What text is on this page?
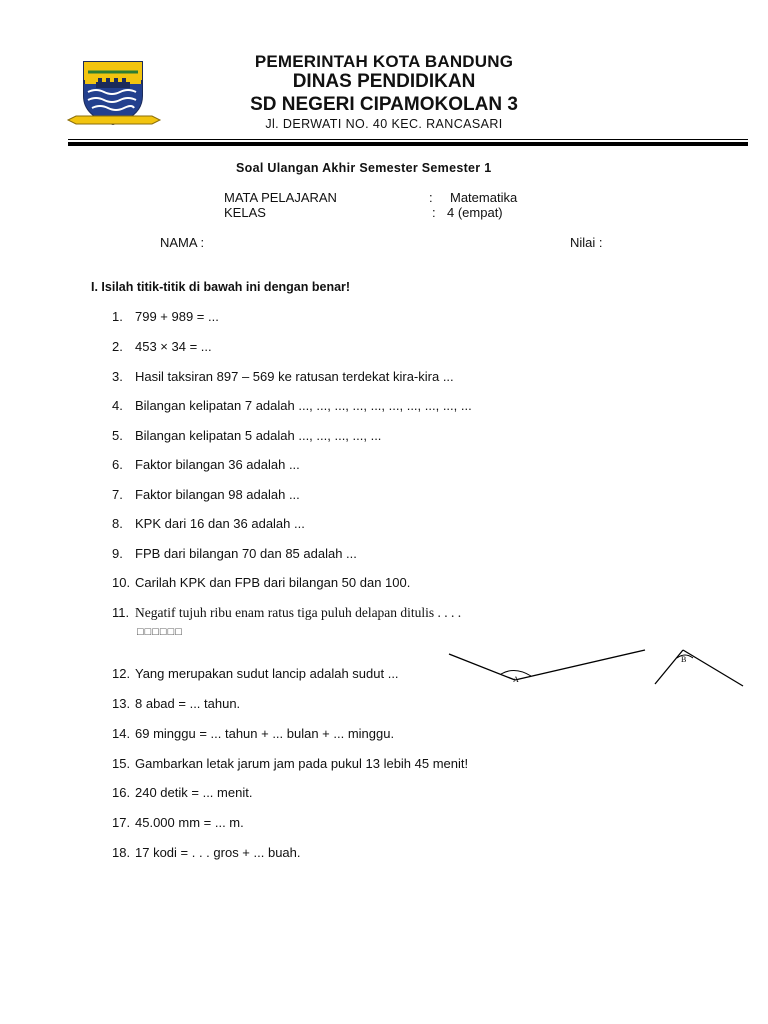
PEMERINTAH KOTA BANDUNG
DINAS PENDIDIKAN
SD NEGERI CIPAMOKOLAN 3
Jl. DERWATI NO. 40 KEC. RANCASARI
Soal Ulangan Akhir Semester Semester 1
MATA PELAJARAN	: Matematika
KELAS	: 4 (empat)
NAMA :	Nilai :
I. Isilah titik-titik di bawah ini dengan benar!
1. 799 + 989 = ...
2. 453 × 34 = ...
3. Hasil taksiran 897 – 569 ke ratusan terdekat kira-kira ...
4. Bilangan kelipatan 7 adalah ..., ..., ..., ..., ..., ..., ..., ..., ..., ...
5. Bilangan kelipatan 5 adalah ..., ..., ..., ..., ...
6. Faktor bilangan 36 adalah ...
7. Faktor bilangan 98 adalah ...
8. KPK dari 16 dan 36 adalah ...
9. FPB dari bilangan 70 dan 85 adalah ...
10. Carilah KPK dan FPB dari bilangan 50 dan 100.
11. Negatif tujuh ribu enam ratus tiga puluh delapan ditulis . . . .
□□□□□□
12. Yang merupakan sudut lancip adalah sudut ...	A
B
13. 8 abad = ... tahun.
14. 69 minggu = ... tahun + ... bulan + ... minggu.
15. Gambarkan letak jarum jam pada pukul 13 lebih 45 menit!
16. 240 detik = ... menit.
17. 45.000 mm = ... m.
18. 17 kodi = . . . gros + ... buah.
